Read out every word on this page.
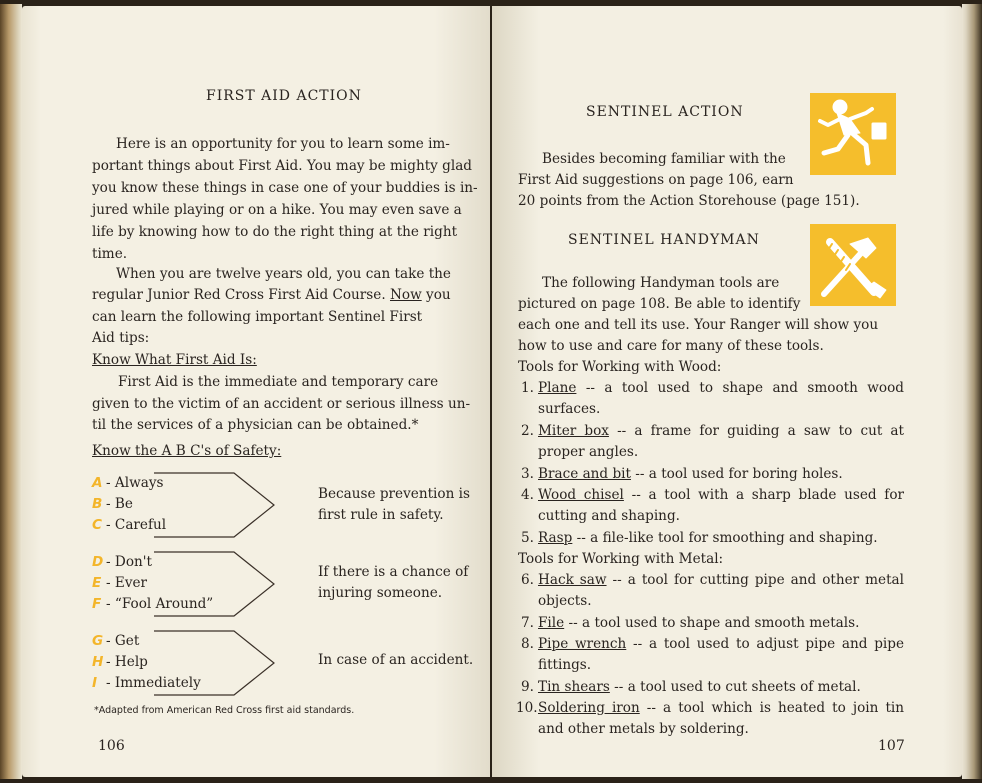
FIRST AID ACTION
Here is an opportunity for you to learn some im-
portant things about First Aid. You may be mighty glad
you know these things in case one of your buddies is in-
jured while playing or on a hike. You may even save a
life by knowing how to do the right thing at the right
time.
When you are twelve years old, you can take the
regular Junior Red Cross First Aid Course. Now you
can learn the following important Sentinel First
Aid tips:
Know What First Aid Is:
First Aid is the immediate and temporary care
given to the victim of an accident or serious illness un-
til the services of a physician can be obtained.*
Know the A B C's of Safety:
A - Always
B - Be
C - Careful
Because prevention is first rule in safety.
D - Don't
E - Ever
F - “Fool Around”
If there is a chance of injuring someone.
G - Get
H - Help
I - Immediately
In case of an accident.
*Adapted from American Red Cross first aid standards.
106
SENTINEL ACTION
Besides becoming familiar with the
First Aid suggestions on page 106, earn
20 points from the Action Storehouse (page 151).
SENTINEL HANDYMAN
The following Handyman tools are
pictured on page 108. Be able to identify
each one and tell its use. Your Ranger will show you
how to use and care for many of these tools.
Tools for Working with Wood:
1. Plane -- a tool used to shape and smooth wood surfaces.
2. Miter box -- a frame for guiding a saw to cut at proper angles.
3. Brace and bit -- a tool used for boring holes.
4. Wood chisel -- a tool with a sharp blade used for cutting and shaping.
5. Rasp -- a file-like tool for smoothing and shaping.
Tools for Working with Metal:
6. Hack saw -- a tool for cutting pipe and other metal objects.
7. File -- a tool used to shape and smooth metals.
8. Pipe wrench -- a tool used to adjust pipe and pipe fittings.
9. Tin shears -- a tool used to cut sheets of metal.
10. Soldering iron -- a tool which is heated to join tin and other metals by soldering.
107
